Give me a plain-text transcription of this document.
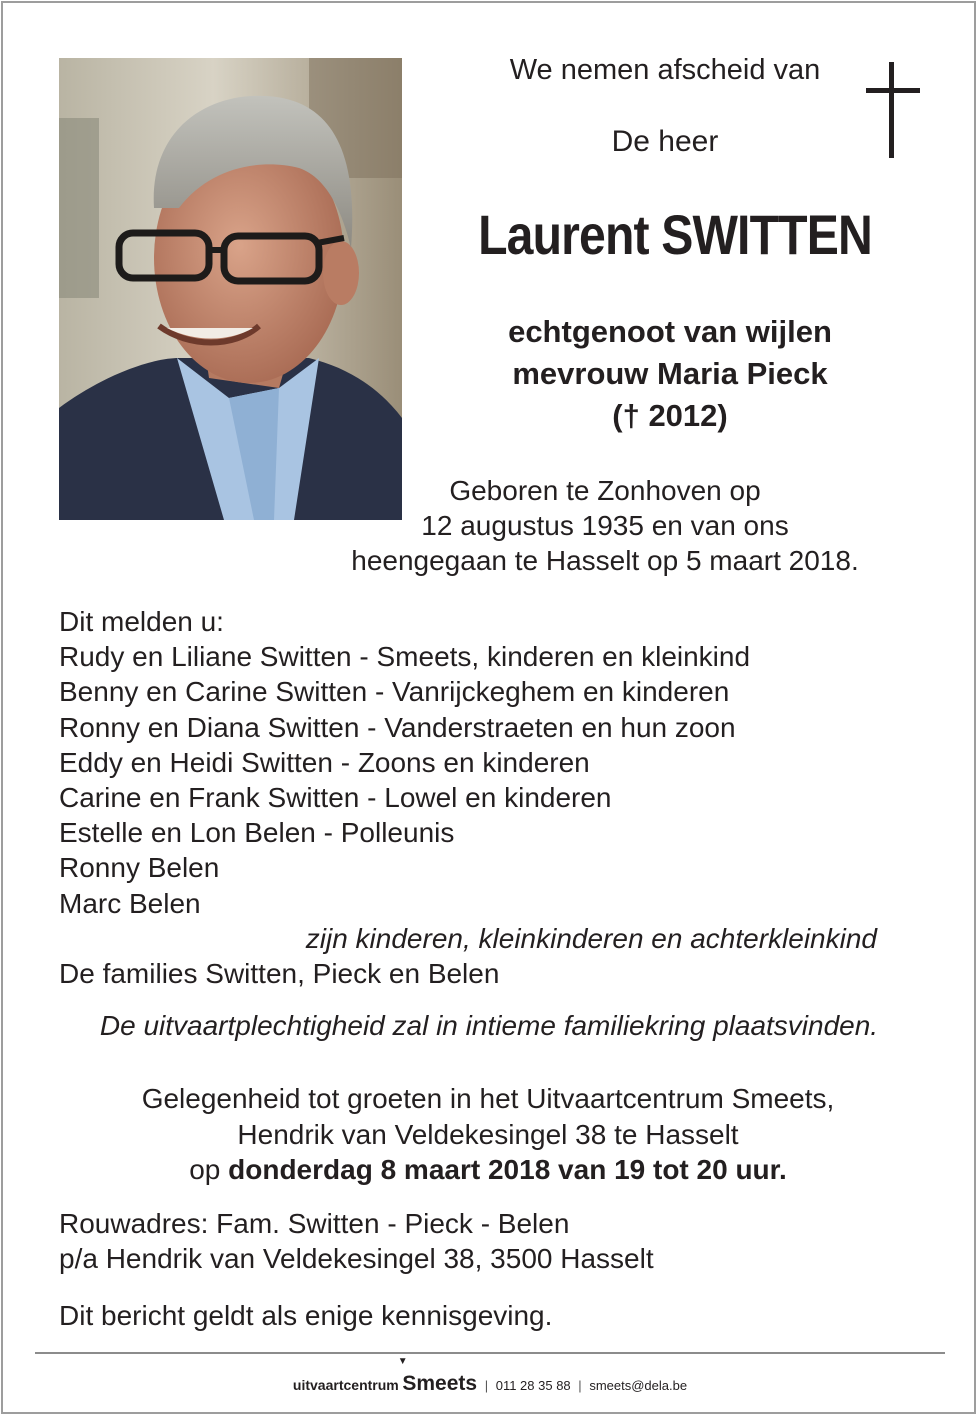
We nemen afscheid van
De heer
Laurent SWITTEN
echtgenoot van wijlen
mevrouw Maria Pieck
(† 2012)
Geboren te Zonhoven op
12 augustus 1935 en van ons
heengegaan te Hasselt op 5 maart 2018.
Dit melden u:
Rudy en Liliane Switten - Smeets, kinderen en kleinkind
Benny en Carine Switten - Vanrijckeghem en kinderen
Ronny en Diana Switten - Vanderstraeten en hun zoon
Eddy en Heidi Switten - Zoons en kinderen
Carine en Frank Switten - Lowel en kinderen
Estelle en Lon Belen - Polleunis
Ronny Belen
Marc Belen
zijn kinderen, kleinkinderen en achterkleinkind
De families Switten, Pieck en Belen
De uitvaartplechtigheid zal in intieme familiekring plaatsvinden.
Gelegenheid tot groeten in het Uitvaartcentrum Smeets,
Hendrik van Veldekesingel 38 te Hasselt
op donderdag 8 maart 2018 van 19 tot 20 uur.
Rouwadres: Fam. Switten - Pieck - Belen
p/a Hendrik van Veldekesingel 38, 3500 Hasselt
Dit bericht geldt als enige kennisgeving.
uitvaartcentrum
▼
Smeets | 011 28 35 88 | smeets@dela.be
